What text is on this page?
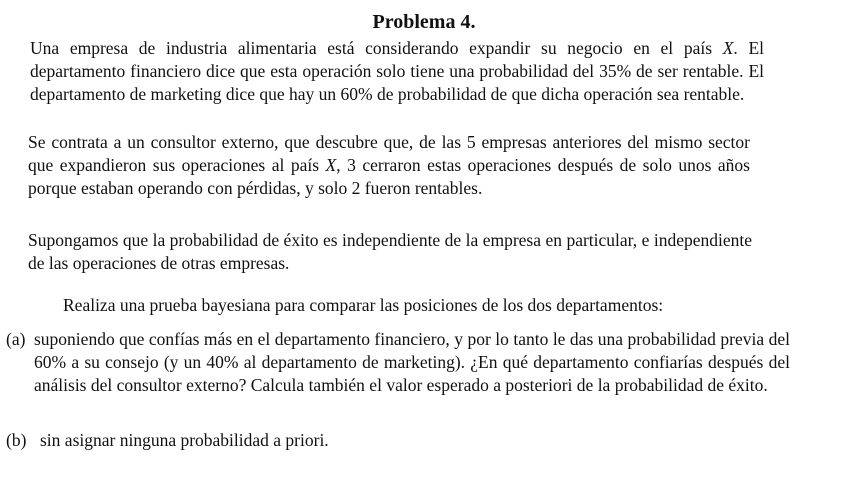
Problema 4.
Una empresa de industria alimentaria está considerando expandir su negocio en el país X. El departamento financiero dice que esta operación solo tiene una probabilidad del 35% de ser rentable. El departamento de marketing dice que hay un 60% de probabilidad de que dicha operación sea rentable.
Se contrata a un consultor externo, que descubre que, de las 5 empresas anteriores del mismo sector que expandieron sus operaciones al país X, 3 cerraron estas operaciones después de solo unos años porque estaban operando con pérdidas, y solo 2 fueron rentables.
Supongamos que la probabilidad de éxito es independiente de la empresa en particular, e independiente de las operaciones de otras empresas.
Realiza una prueba bayesiana para comparar las posiciones de los dos departamentos:
(a) suponiendo que confías más en el departamento financiero, y por lo tanto le das una probabilidad previa del 60% a su consejo (y un 40% al departamento de marketing). ¿En qué departamento confiarías después del análisis del consultor externo? Calcula también el valor esperado a posteriori de la probabilidad de éxito.
(b) sin asignar ninguna probabilidad a priori.
